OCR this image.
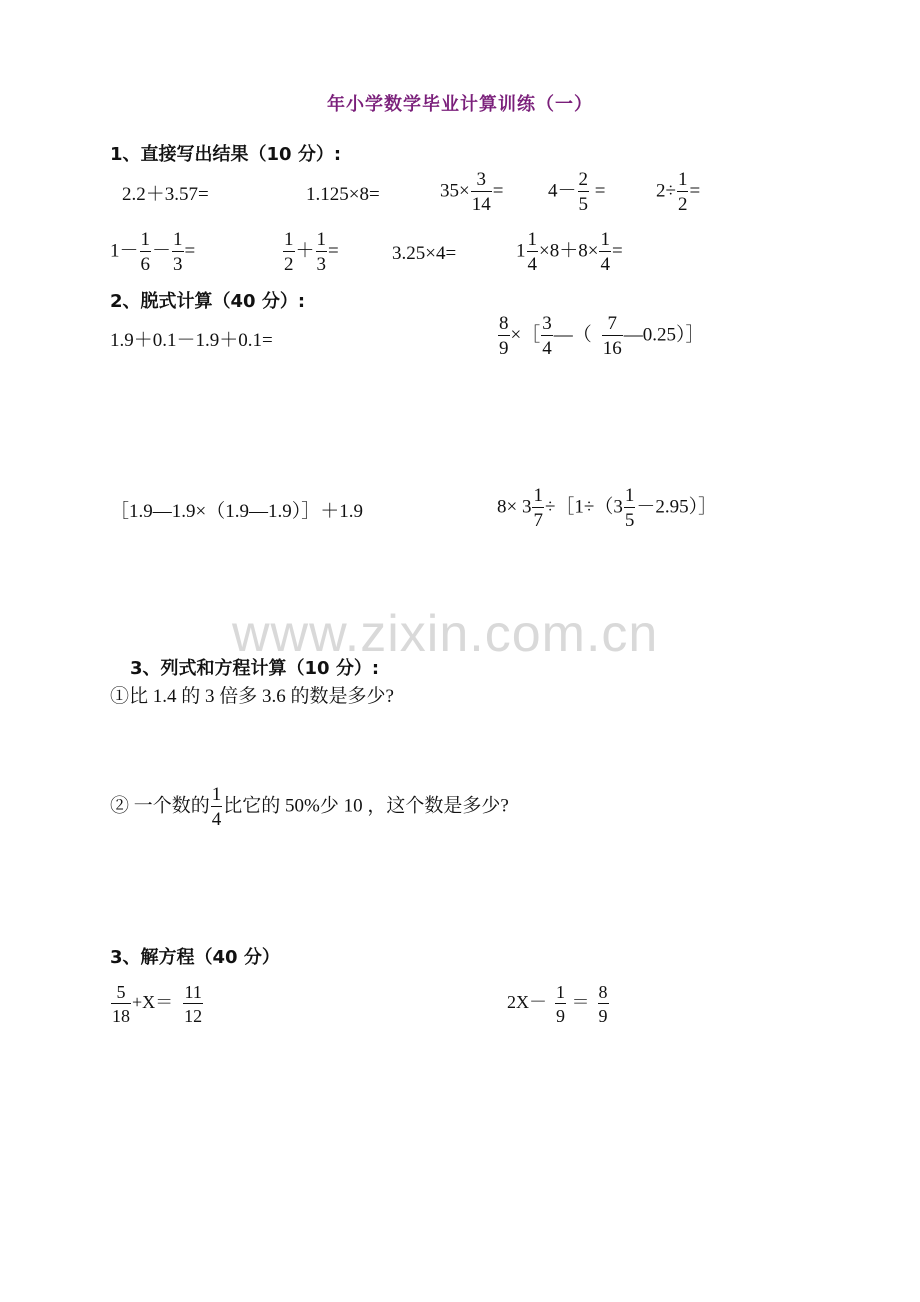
年小学数学毕业计算训练（一）
1、直接写出结果（10 分）:
2.2＋3.57=	1.125×8=	$35\times \frac{3}{14} = 4- \frac{2}{5}$ =	$2\div \frac{1}{2}$ =
$1- \frac{1}{6} - \frac{1}{3}$ =	$\frac{1}{2} + \frac{1}{3}$ =	3.25×4=	$1 \frac{1}{4} \times 8+8\times \frac{1}{4}$ =
2、脱式计算（40 分）:
1.9＋0.1－1.9＋0.1=	$\frac{8}{9}$ ×［ $\frac{3}{4}$ —（ $\frac{7}{16}$ —0.25）］
［1.9—1.9×（1.9—1.9）］＋1.9	$8\times 3 \frac{1}{7}$ ÷［1÷（3 $\frac{1}{5}$ －2.95）］
www.zixin.com.cn
3、列式和方程计算（10 分）:
①比 1.4 的 3 倍多 3.6 的数是多少?
② 一个数的 $\frac{1}{4}$ 比它的 50%少 10 ，这个数是多少?
3、解方程（40 分）
$\frac{5}{18} +X= \frac{11}{12}$	$2X- \frac{1}{9} = \frac{8}{9}$
